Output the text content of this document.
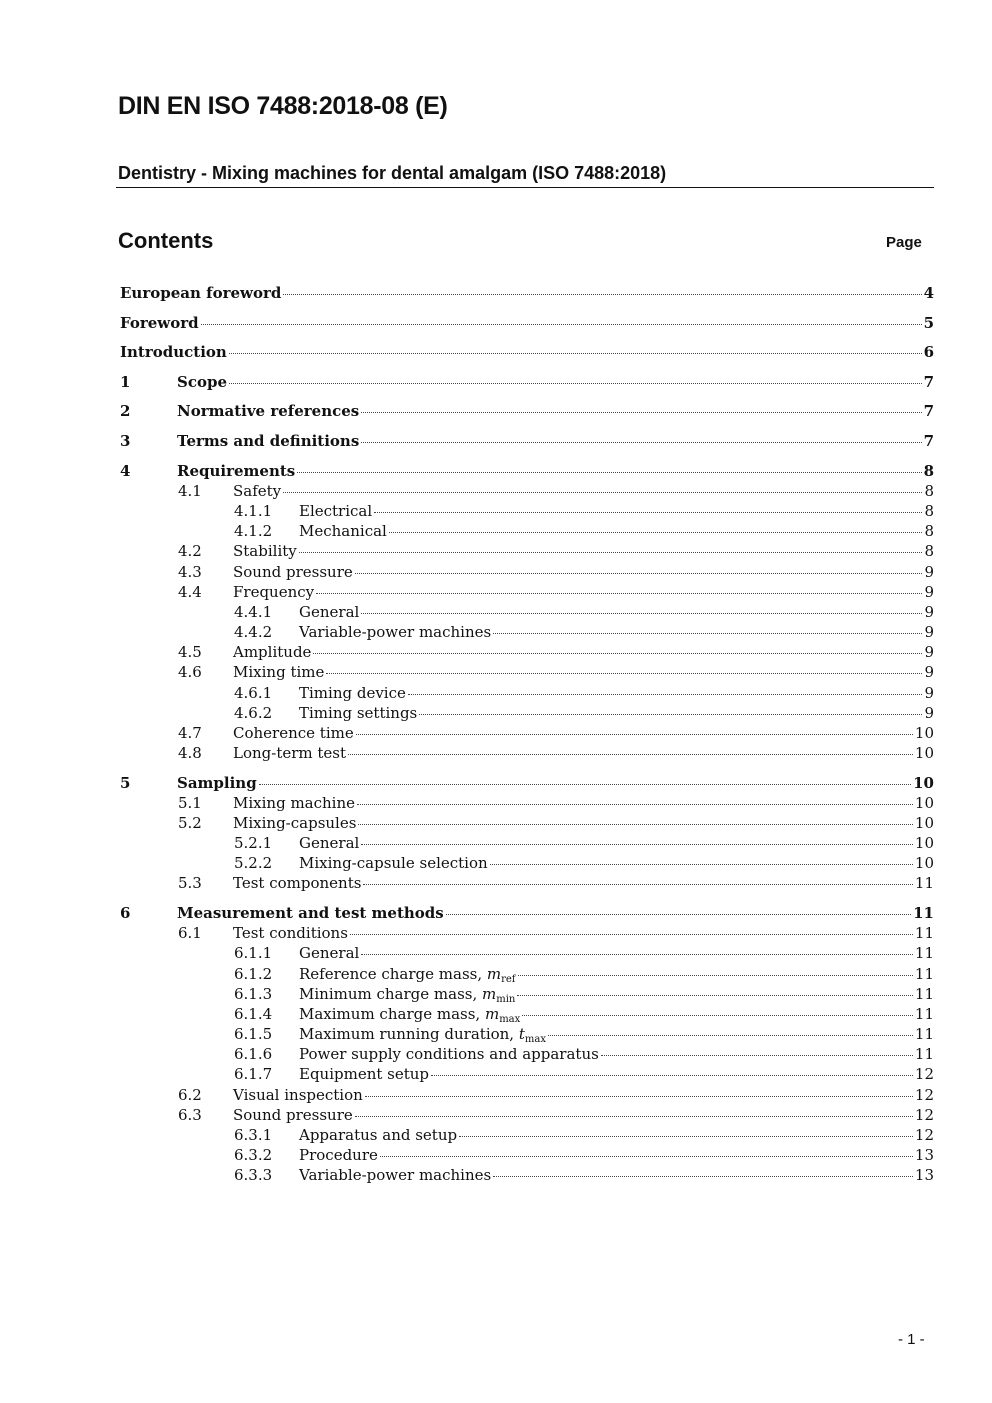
DIN EN ISO 7488:2018-08 (E)
Dentistry - Mixing machines for dental amalgam (ISO 7488:2018)
Contents	Page
European foreword	4
Foreword	5
Introduction	6
1	Scope	7
2	Normative references	7
3	Terms and definitions	7
4	Requirements	8
4.1 Safety	8
4.1.1 Electrical	8
4.1.2 Mechanical	8
4.2 Stability	8
4.3 Sound pressure	9
4.4 Frequency	9
4.4.1 General	9
4.4.2 Variable-power machines	9
4.5 Amplitude	9
4.6 Mixing time	9
4.6.1 Timing device	9
4.6.2 Timing settings	9
4.7 Coherence time	10
4.8 Long-term test	10
5	Sampling	10
5.1 Mixing machine	10
5.2 Mixing-capsules	10
5.2.1 General	10
5.2.2 Mixing-capsule selection	10
5.3 Test components	11
6	Measurement and test methods	11
6.1 Test conditions	11
6.1.1 General	11
6.1.2 Reference charge mass, $m_{ref}$	11
6.1.3 Minimum charge mass, $m_{min}$	11
6.1.4 Maximum charge mass, $m_{max}$	11
6.1.5 Maximum running duration, $t_{max}$	11
6.1.6 Power supply conditions and apparatus	11
6.1.7 Equipment setup	12
6.2 Visual inspection	12
6.3 Sound pressure	12
6.3.1 Apparatus and setup	12
6.3.2 Procedure	13
6.3.3 Variable-power machines	13
- 1 -
